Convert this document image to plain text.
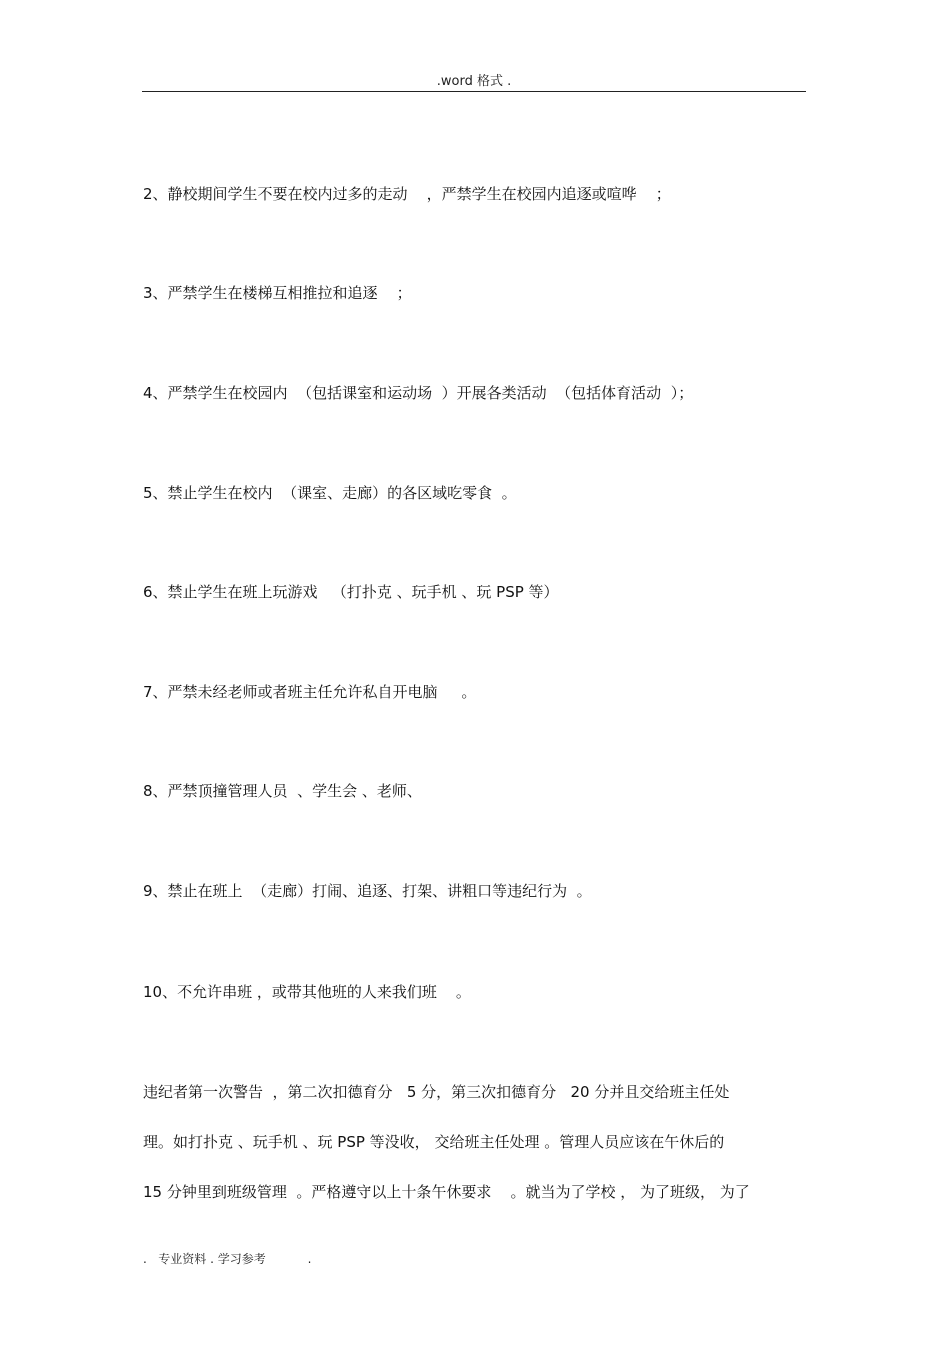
.word 格式 .
2、静校期间学生不要在校内过多的走动    ，严禁学生在校园内追逐或喧哗    ；
3、严禁学生在楼梯互相推拉和追逐    ；
4、严禁学生在校园内  （包括课室和运动场  ）开展各类活动  （包括体育活动  ）；
5、禁止学生在校内  （课室、走廊）的各区域吃零食  。
6、禁止学生在班上玩游戏   （打扑克 、玩手机 、玩 PSP 等）
7、严禁未经老师或者班主任允许私自开电脑     。
8、严禁顶撞管理人员  、学生会 、老师、
9、禁止在班上  （走廊）打闹、追逐、打架、讲粗口等违纪行为  。
10、不允许串班 ，或带其他班的人来我们班    。
违纪者第一次警告  ，第二次扣德育分   5 分，第三次扣德育分   20 分并且交给班主任处
理。如打扑克 、玩手机 、玩 PSP 等没收， 交给班主任处理 。管理人员应该在午休后的
15 分钟里到班级管理  。严格遵守以上十条午休要求    。就当为了学校 ， 为了班级， 为了
.   专业资料 . 学习参考           .
